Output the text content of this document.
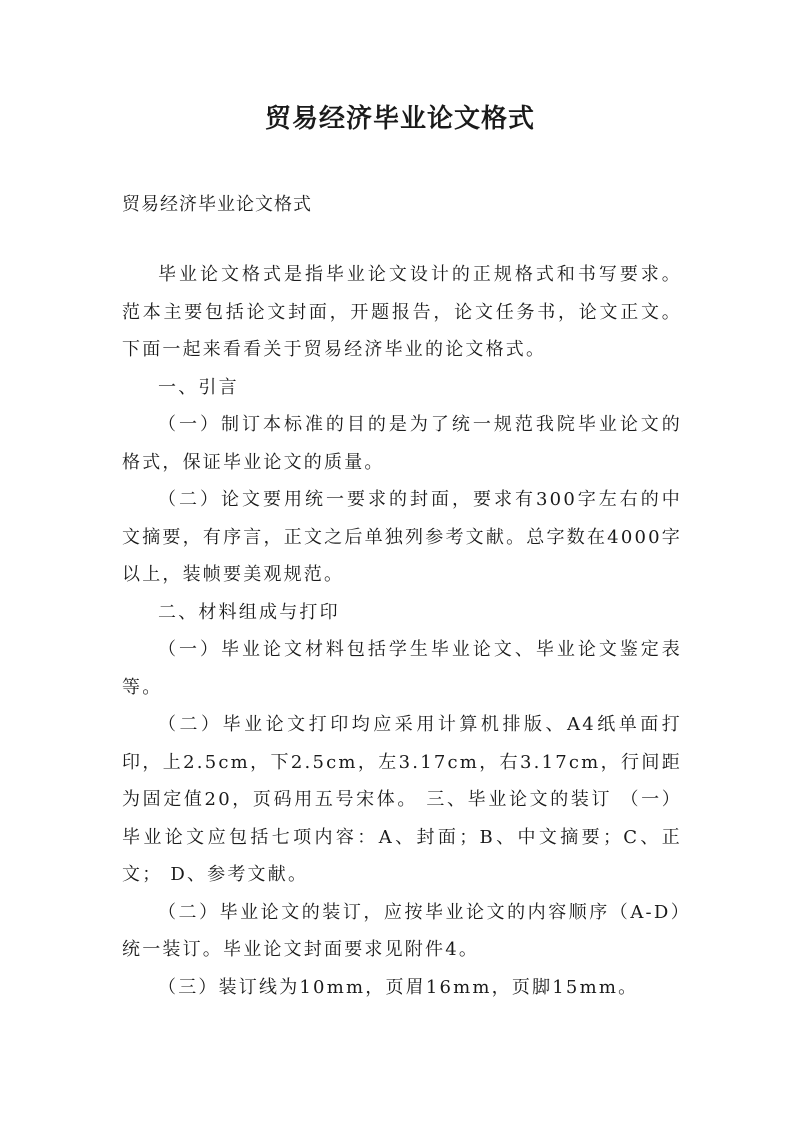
贸易经济毕业论文格式

贸易经济毕业论文格式

毕业论文格式是指毕业论文设计的正规格式和书写要求。范本主要包括论文封面，开题报告，论文任务书，论文正文。下面一起来看看关于贸易经济毕业的论文格式。

一、引言

（一）制订本标准的目的是为了统一规范我院毕业论文的格式，保证毕业论文的质量。

（二）论文要用统一要求的封面，要求有300字左右的中文摘要，有序言，正文之后单独列参考文献。总字数在4000字以上，装帧要美观规范。

二、材料组成与打印

（一）毕业论文材料包括学生毕业论文、毕业论文鉴定表等。

（二）毕业论文打印均应采用计算机排版、A4纸单面打印，上2.5cm，下2.5cm，左3.17cm，右3.17cm，行间距为固定值20，页码用五号宋体。 三、毕业论文的装订 （一）毕业论文应包括七项内容：A、封面；B、中文摘要；C、正文； D、参考文献。

（二）毕业论文的装订，应按毕业论文的内容顺序（A-D）统一装订。毕业论文封面要求见附件4。

（三）装订线为10mm，页眉16mm，页脚15mm。
